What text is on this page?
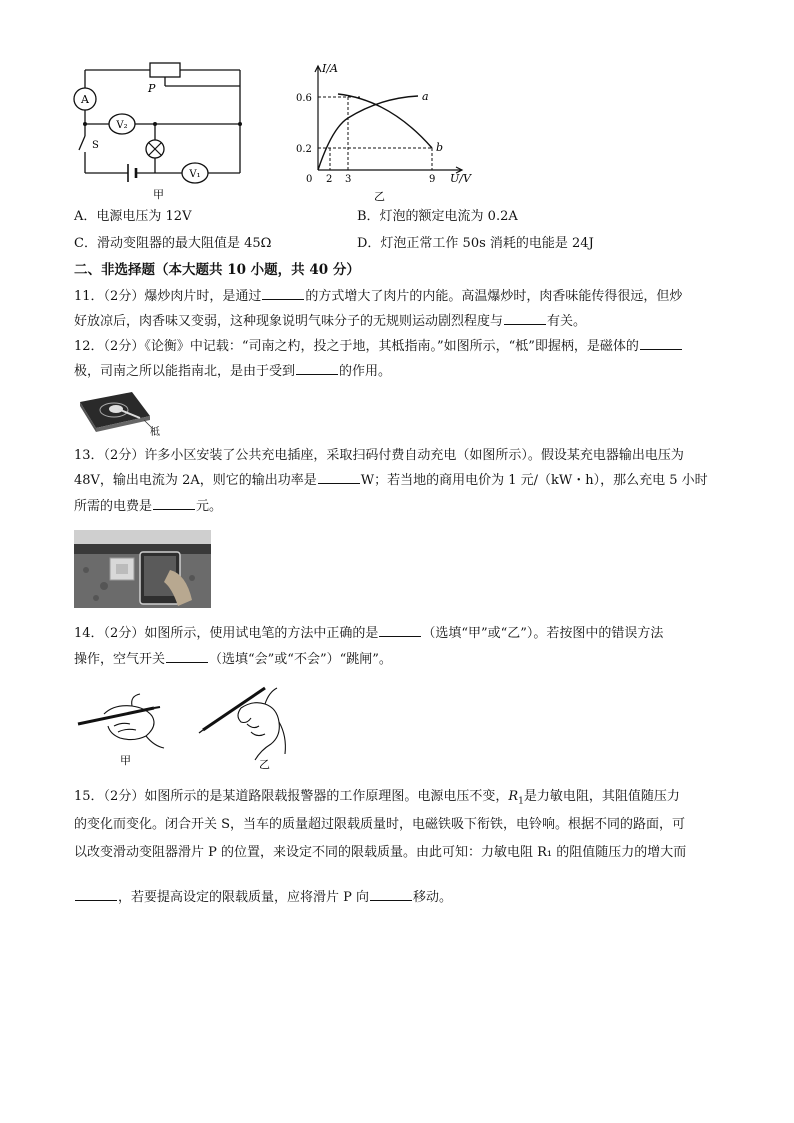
A
V₂
V₁
P
S
甲
I/A
U/V
0
0.6
0.2
2 3	9
a
b
乙
A．电源电压为 12V	B．灯泡的额定电流为 0.2A
C．滑动变阻器的最大阻值是 45Ω	D．灯泡正常工作 50s 消耗的电能是 24J
二、非选择题（本大题共 10 小题，共 40 分）
11．（2分）爆炒肉片时，是通过	的方式增大了肉片的内能。高温爆炒时，肉香味能传得很远，但炒
好放凉后，肉香味又变弱，这种现象说明气味分子的无规则运动剧烈程度与	有关。
12．（2分）《论衡》中记载：“司南之杓，投之于地，其柢指南。”如图所示，“柢”即握柄，是磁体的
极，司南之所以能指南北，是由于受到	的作用。
柢
13．（2分）许多小区安装了公共充电插座，采取扫码付费自动充电（如图所示）。假设某充电器输出电压为
48V，输出电流为 2A，则它的输出功率是	W；若当地的商用电价为 1 元/（kW・h），那么充电 5 小时
所需的电费是	元。
14．（2分）如图所示，使用试电笔的方法中正确的是	（选填“甲”或“乙”）。若按图中的错误方法
操作，空气开关	（选填“会”或“不会”）“跳闸”。
甲	乙
15．（2分）如图所示的是某道路限载报警器的工作原理图。电源电压不变，$R_1$是力敏电阻，其阻值随压力
的变化而变化。闭合开关 S，当车的质量超过限载质量时，电磁铁吸下衔铁，电铃响。根据不同的路面，可
以改变滑动变阻器滑片 P 的位置，来设定不同的限载质量。由此可知：力敏电阻 R₁ 的阻值随压力的增大而
，若要提高设定的限载质量，应将滑片 P 向	移动。
